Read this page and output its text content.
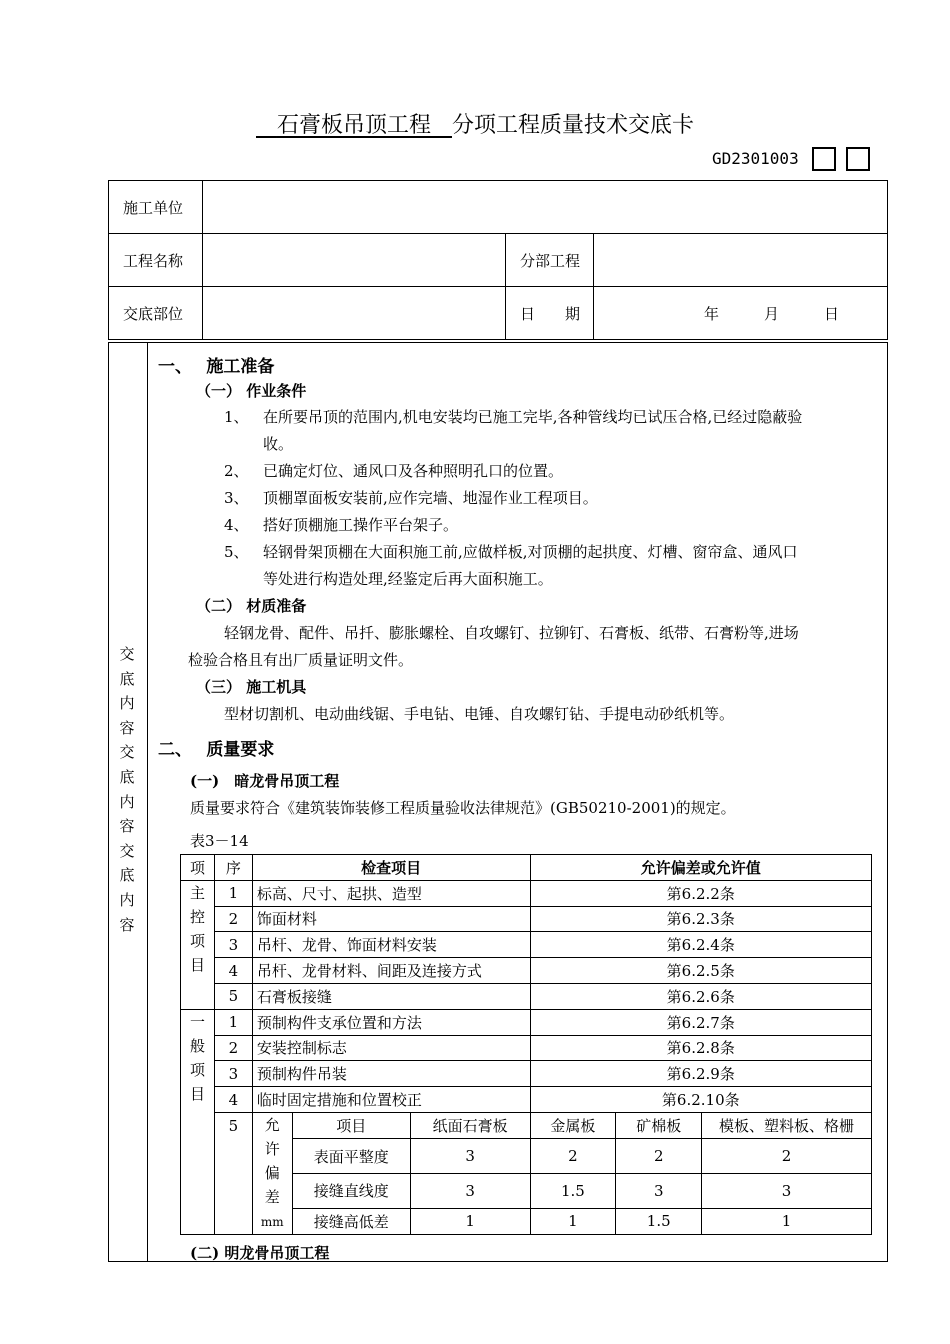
石膏板吊顶工程 分项工程质量技术交底卡
GD2301003
施工单位			
工程名称		分部工程	
交底部位		日　　期	年　　　月　　　日
交
底
内
容
交
底
内
容
交
底
内
容
一、　 施工准备
（一） 作业条件
1、 在所要吊顶的范围内,机电安装均已施工完毕,各种管线均已试压合格,已经过隐蔽验
收。
2、 已确定灯位、通风口及各种照明孔口的位置。
3、 顶棚罩面板安装前,应作完墙、地湿作业工程项目。
4、 搭好顶棚施工操作平台架子。
5、 轻钢骨架顶棚在大面积施工前,应做样板,对顶棚的起拱度、灯槽、窗帘盒、通风口
等处进行构造处理,经鉴定后再大面积施工。
（二） 材质准备
轻钢龙骨、配件、吊扦、膨胀螺栓、自攻螺钉、拉铆钉、石膏板、纸带、石膏粉等,进场
检验合格且有出厂质量证明文件。
（三） 施工机具
型材切割机、电动曲线锯、手电钻、电锤、自攻螺钉钻、手提电动砂纸机等。
二、　 质量要求
(一)　暗龙骨吊顶工程
质量要求符合《建筑装饰装修工程质量验收法律规范》(GB50210-2001)的规定。
表3－14
项	序	检查项目			允许偏差或允许值		
主
控
项
目	1	标高、尺寸、起拱、造型			第6.2.2条		
	2	饰面材料			第6.2.3条		
	3	吊杆、龙骨、饰面材料安装			第6.2.4条		
	4	吊杆、龙骨材料、间距及连接方式			第6.2.5条		
	5	石膏板接缝			第6.2.6条		
一
般
项
目	1	预制构件支承位置和方法			第6.2.7条		
	2	安装控制标志			第6.2.8条		
	3	预制构件吊装			第6.2.9条		
	4	临时固定措施和位置校正			第6.2.10条		
	5	允
许
偏
差
mm	项目	纸面石膏板	金属板	矿棉板	模板、塑料板、格栅
			表面平整度	3	2	2	2
			接缝直线度	3	1.5	3	3
			接缝高低差	1	1	1.5	1
(二) 明龙骨吊顶工程
